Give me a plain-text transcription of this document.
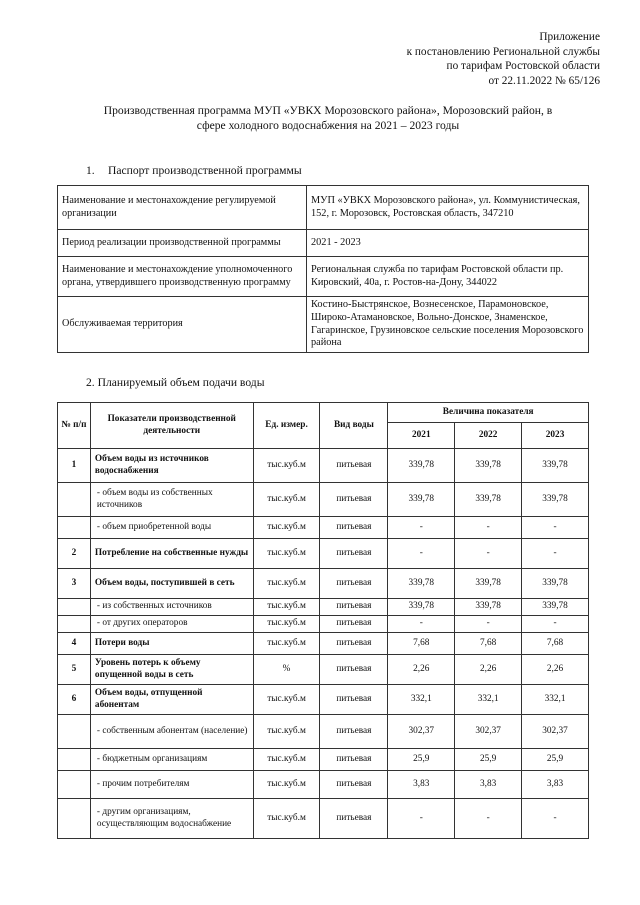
Приложение
к постановлению Региональной службы
по тарифам Ростовской области
от 22.11.2022 № 65/126
Производственная программа МУП «УВКХ Морозовского района», Морозовский район, в
сфере холодного водоснабжения на 2021 – 2023 годы
1. Паспорт производственной программы
Наименование и местонахождение регулируемой организации	МУП «УВКХ Морозовского района», ул. Коммунистическая, 152, г. Морозовск, Ростовская область, 347210
Период реализации производственной программы	2021 - 2023
Наименование и местонахождение уполномоченного органа, утвердившего производственную программу	Региональная служба по тарифам Ростовской области пр. Кировский, 40а, г. Ростов-на-Дону, 344022
Обслуживаемая территория	Костино-Быстрянское, Вознесенское, Парамоновское, Широко-Атамановское, Вольно-Донское, Знаменское, Гагаринское, Грузиновское сельские поселения Морозовского района
2. Планируемый объем подачи воды
№ п/п	Показатели производственной деятельности	Ед. измер.	Вид воды	Величина показателя		
				2021	2022	2023
1	Объем воды из источников водоснабжения	тыс.куб.м	питьевая	339,78	339,78	339,78
	- объем воды из собственных источников	тыс.куб.м	питьевая	339,78	339,78	339,78
	- объем приобретенной воды	тыс.куб.м	питьевая	-	-	-
2	Потребление на собственные нужды	тыс.куб.м	питьевая	-	-	-
3	Объем воды, поступившей в сеть	тыс.куб.м	питьевая	339,78	339,78	339,78
	- из собственных источников	тыс.куб.м	питьевая	339,78	339,78	339,78
	- от других операторов	тыс.куб.м	питьевая	-	-	-
4	Потери воды	тыс.куб.м	питьевая	7,68	7,68	7,68
5	Уровень потерь к объему опущенной воды в сеть	%	питьевая	2,26	2,26	2,26
6	Объем воды, отпущенной абонентам	тыс.куб.м	питьевая	332,1	332,1	332,1
	- собственным абонентам (население)	тыс.куб.м	питьевая	302,37	302,37	302,37
	- бюджетным организациям	тыс.куб.м	питьевая	25,9	25,9	25,9
	- прочим потребителям	тыс.куб.м	питьевая	3,83	3,83	3,83
	- другим организациям, осуществляющим водоснабжение	тыс.куб.м	питьевая	-	-	-
